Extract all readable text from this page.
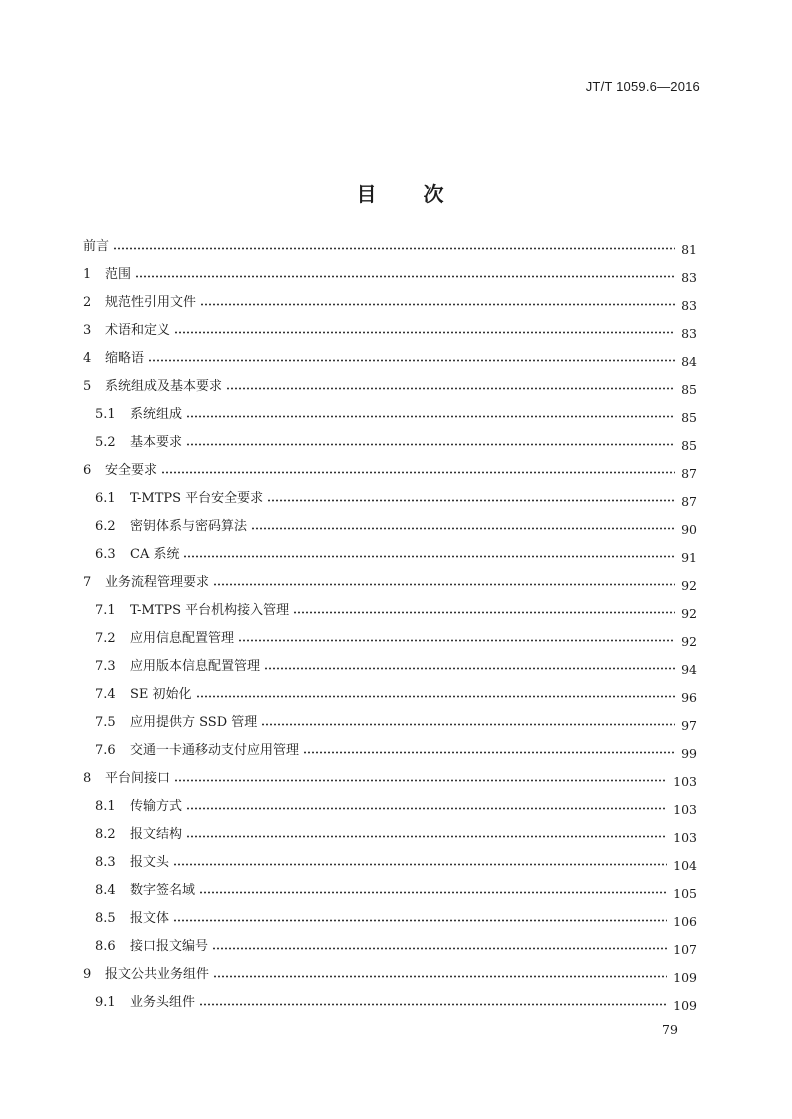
JT/T 1059.6—2016
目 次
前言	81
1	范围	83
2	规范性引用文件	83
3	术语和定义	83
4	缩略语	84
5	系统组成及基本要求	85
5.1	系统组成	85
5.2	基本要求	85
6	安全要求	87
6.1	T-MTPS 平台安全要求	87
6.2	密钥体系与密码算法	90
6.3	CA 系统	91
7	业务流程管理要求	92
7.1	T-MTPS 平台机构接入管理	92
7.2	应用信息配置管理	92
7.3	应用版本信息配置管理	94
7.4	SE 初始化	96
7.5	应用提供方 SSD 管理	97
7.6	交通一卡通移动支付应用管理	99
8	平台间接口	103
8.1	传输方式	103
8.2	报文结构	103
8.3	报文头	104
8.4	数字签名域	105
8.5	报文体	106
8.6	接口报文编号	107
9	报文公共业务组件	109
9.1	业务头组件	109
79
